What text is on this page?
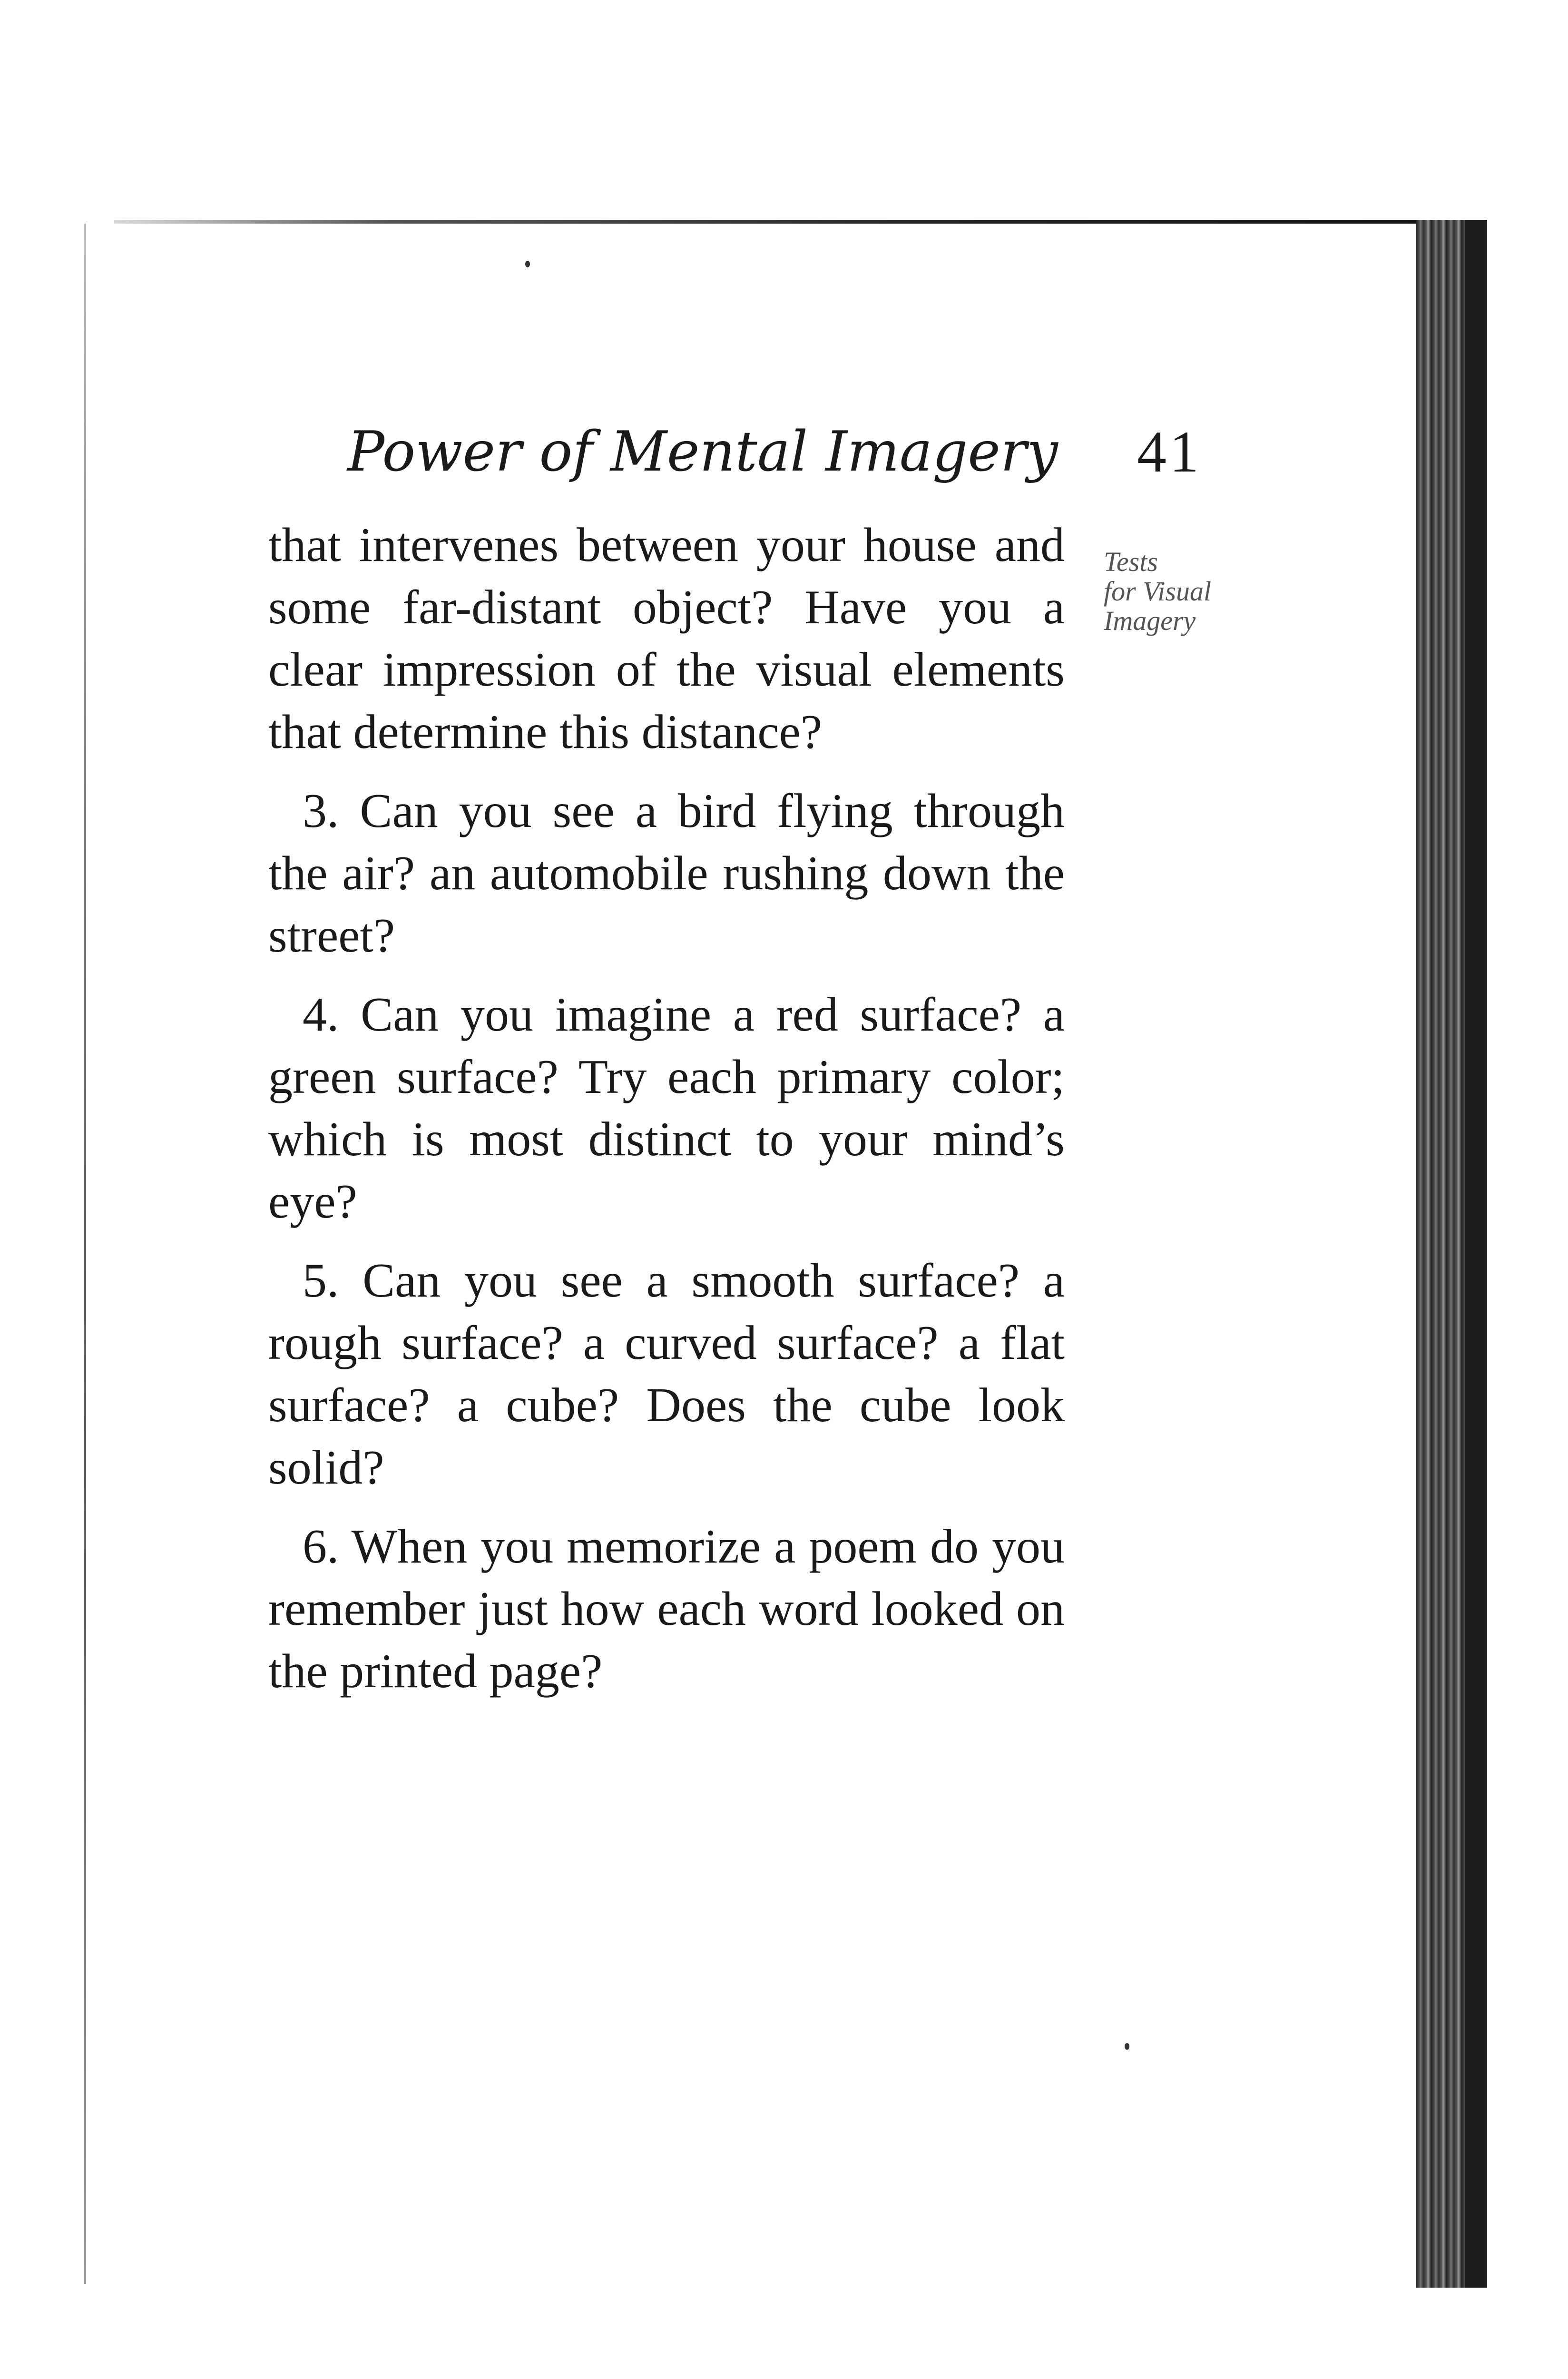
Power of Mental Imagery 41
Tests
for Visual
Imagery

that intervenes between your house and some far-distant object? Have you a clear impression of the visual elements that determine this distance?

3. Can you see a bird flying through the air? an automobile rushing down the street?

4. Can you imagine a red surface? a green surface? Try each primary color; which is most distinct to your mind’s eye?

5. Can you see a smooth surface? a rough surface? a curved surface? a flat surface? a cube? Does the cube look solid?

6. When you memorize a poem do you remember just how each word looked on the printed page?
